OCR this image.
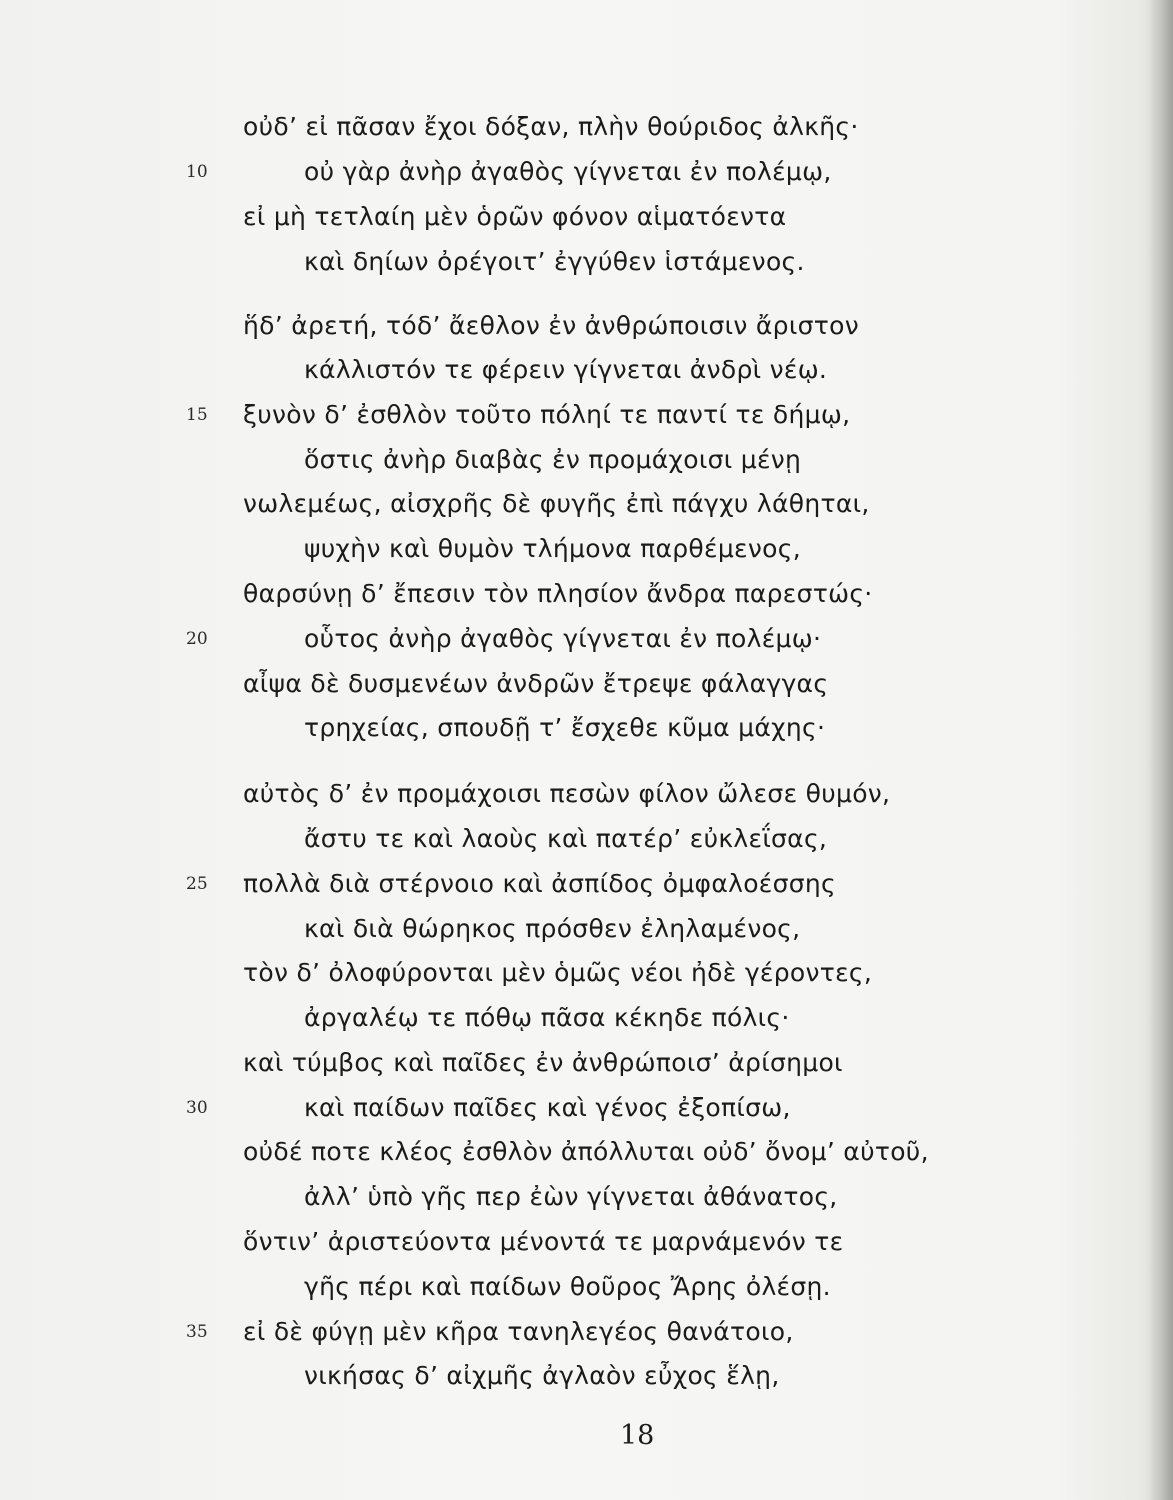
οὐδ’ εἰ πᾶσαν ἔχοι δόξαν, πλὴν θούριδος ἀλκῆς·
οὐ γὰρ ἀνὴρ ἀγαθὸς γίγνεται ἐν πολέμῳ,
εἰ μὴ τετλαίη μὲν ὁρῶν φόνον αἱματόεντα
καὶ δηίων ὀρέγοιτ’ ἐγγύθεν ἱστάμενος.
ἥδ’ ἀρετή, τόδ’ ἄεθλον ἐν ἀνθρώποισιν ἄριστον
κάλλιστόν τε φέρειν γίγνεται ἀνδρὶ νέῳ.
ξυνὸν δ’ ἐσθλὸν τοῦτο πόληί τε παντί τε δήμῳ,
ὅστις ἀνὴρ διαβὰς ἐν προμάχοισι μένῃ
νωλεμέως, αἰσχρῆς δὲ φυγῆς ἐπὶ πάγχυ λάθηται,
ψυχὴν καὶ θυμὸν τλήμονα παρθέμενος,
θαρσύνῃ δ’ ἔπεσιν τὸν πλησίον ἄνδρα παρεστώς·
οὗτος ἀνὴρ ἀγαθὸς γίγνεται ἐν πολέμῳ·
αἶψα δὲ δυσμενέων ἀνδρῶν ἔτρεψε φάλαγγας
τρηχείας, σπουδῇ τ’ ἔσχεθε κῦμα μάχης·
αὐτὸς δ’ ἐν προμάχοισι πεσὼν φίλον ὤλεσε θυμόν,
ἄστυ τε καὶ λαοὺς καὶ πατέρ’ εὐκλεΐσας,
πολλὰ διὰ στέρνοιο καὶ ἀσπίδος ὀμφαλοέσσης
καὶ διὰ θώρηκος πρόσθεν ἐληλαμένος,
τὸν δ’ ὀλοφύρονται μὲν ὁμῶς νέοι ἠδὲ γέροντες,
ἀργαλέῳ τε πόθῳ πᾶσα κέκηδε πόλις·
καὶ τύμβος καὶ παῖδες ἐν ἀνθρώποισ’ ἀρίσημοι
καὶ παίδων παῖδες καὶ γένος ἐξοπίσω,
οὐδέ ποτε κλέος ἐσθλὸν ἀπόλλυται οὐδ’ ὄνομ’ αὐτοῦ,
ἀλλ’ ὑπὸ γῆς περ ἐὼν γίγνεται ἀθάνατος,
ὅντιν’ ἀριστεύοντα μένοντά τε μαρνάμενόν τε
γῆς πέρι καὶ παίδων θοῦρος Ἄρης ὀλέσῃ.
εἰ δὲ φύγῃ μὲν κῆρα τανηλεγέος θανάτοιο,
νικήσας δ’ αἰχμῆς ἀγλαὸν εὖχος ἕλῃ,
10
15
20
25
30
35
18
